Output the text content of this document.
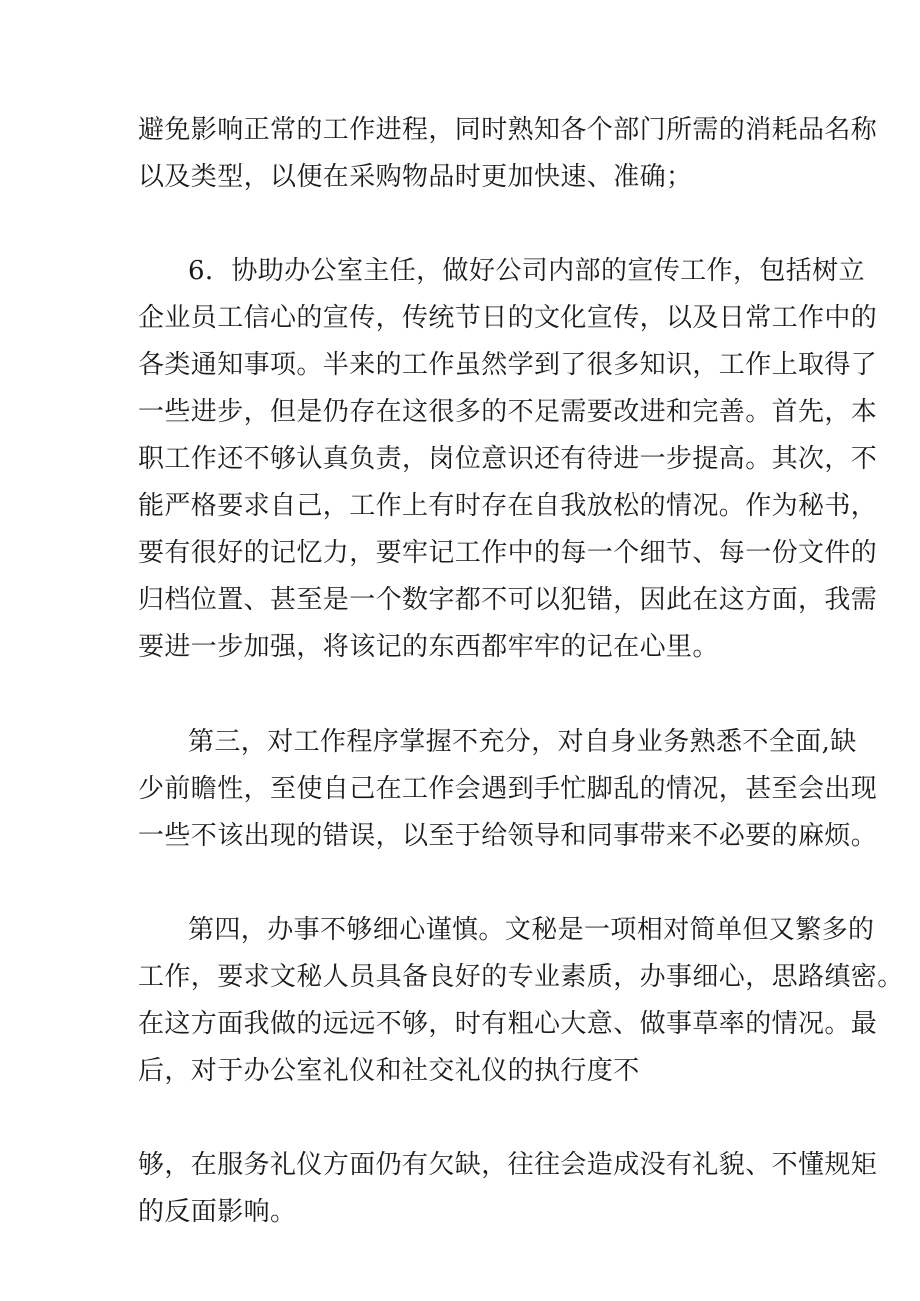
避免影响正常的工作进程，同时熟知各个部门所需的消耗品名称
以及类型，以便在采购物品时更加快速、准确；
6．协助办公室主任，做好公司内部的宣传工作，包括树立
企业员工信心的宣传，传统节日的文化宣传，以及日常工作中的
各类通知事项。半来的工作虽然学到了很多知识，工作上取得了
一些进步，但是仍存在这很多的不足需要改进和完善。首先，本
职工作还不够认真负责，岗位意识还有待进一步提高。其次，不
能严格要求自己，工作上有时存在自我放松的情况。作为秘书，
要有很好的记忆力，要牢记工作中的每一个细节、每一份文件的
归档位置、甚至是一个数字都不可以犯错，因此在这方面，我需
要进一步加强，将该记的东西都牢牢的记在心里。
第三，对工作程序掌握不充分，对自身业务熟悉不全面,缺
少前瞻性，至使自己在工作会遇到手忙脚乱的情况，甚至会出现
一些不该出现的错误，以至于给领导和同事带来不必要的麻烦。
第四，办事不够细心谨慎。文秘是一项相对简单但又繁多的
工作，要求文秘人员具备良好的专业素质，办事细心，思路缜密。
在这方面我做的远远不够，时有粗心大意、做事草率的情况。最
后，对于办公室礼仪和社交礼仪的执行度不
够，在服务礼仪方面仍有欠缺，往往会造成没有礼貌、不懂规矩
的反面影响。
